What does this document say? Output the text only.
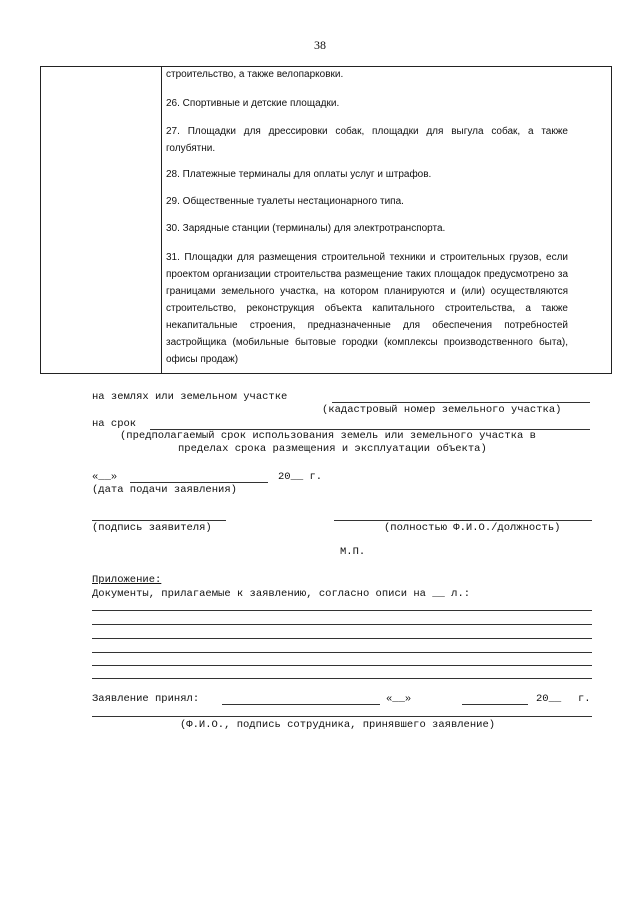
38
строительство, а также велопарковки.
26. Спортивные и детские площадки.
27. Площадки для дрессировки собак, площадки для выгула собак, а также голубятни.
28. Платежные терминалы для оплаты услуг и штрафов.
29. Общественные туалеты нестационарного типа.
30. Зарядные станции (терминалы) для электротранспорта.
31. Площадки для размещения строительной техники и строительных грузов, если проектом организации строительства размещение таких площадок предусмотрено за границами земельного участка, на котором планируются и (или) осуществляются строительство, реконструкция объекта капитального строительства, а также некапитальные строения, предназначенные для обеспечения потребностей застройщика (мобильные бытовые городки (комплексы производственного быта), офисы продаж)
на землях или земельном участке
(кадастровый номер земельного участка)
на срок
(предполагаемый срок использования земель или земельного участка в
пределах срока размещения и эксплуатации объекта)
«__»	20__ г.
(дата подачи заявления)
(подпись заявителя)	(полностью Ф.И.О./должность)
М.П.
Приложение:
Документы, прилагаемые к заявлению, согласно описи на __ л.:
Заявление принял:	«__»	20__ г.
(Ф.И.О., подпись сотрудника, принявшего заявление)
